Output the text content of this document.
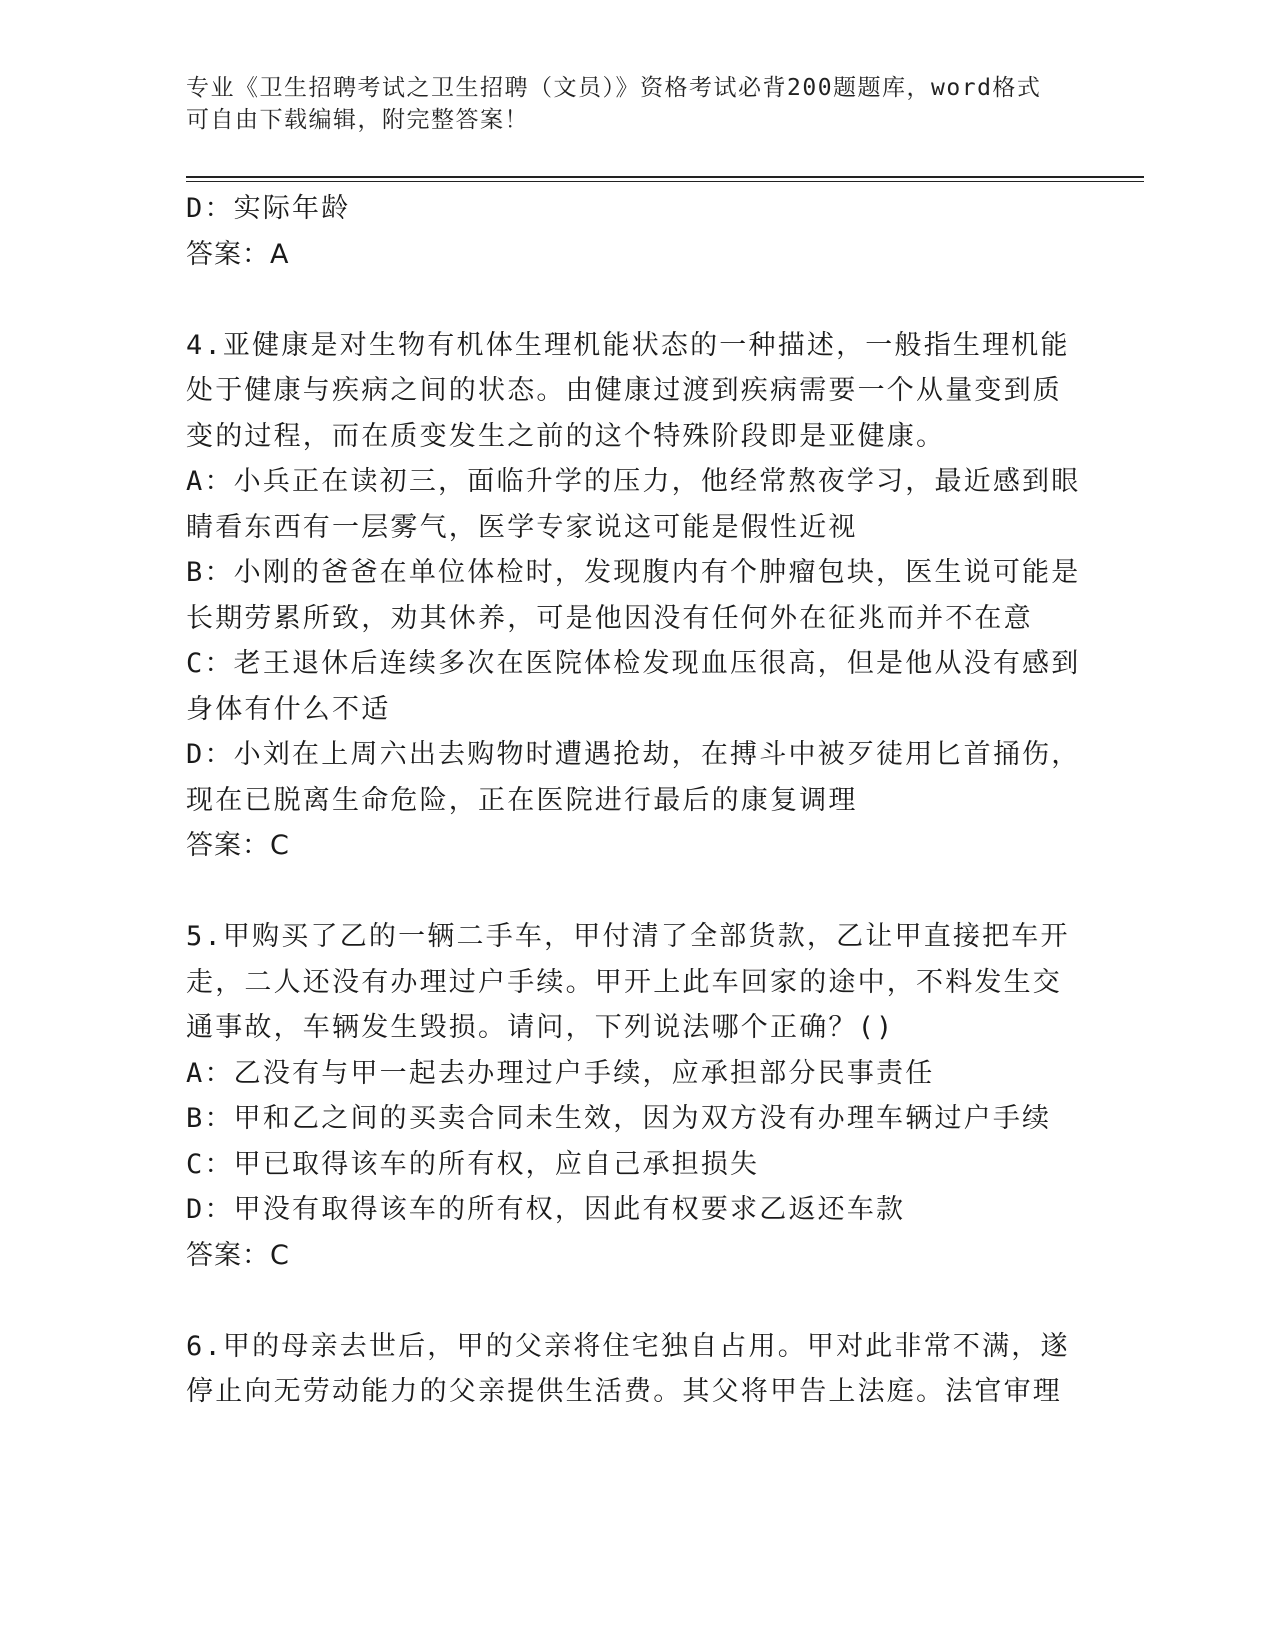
专业《卫生招聘考试之卫生招聘（文员）》资格考试必背200题题库，word格式
可自由下载编辑，附完整答案！
D：实际年龄
答案：A
4.亚健康是对生物有机体生理机能状态的一种描述，一般指生理机能
处于健康与疾病之间的状态。由健康过渡到疾病需要一个从量变到质
变的过程，而在质变发生之前的这个特殊阶段即是亚健康。
A：小兵正在读初三，面临升学的压力，他经常熬夜学习，最近感到眼
睛看东西有一层雾气，医学专家说这可能是假性近视
B：小刚的爸爸在单位体检时，发现腹内有个肿瘤包块，医生说可能是
长期劳累所致，劝其休养，可是他因没有任何外在征兆而并不在意
C：老王退休后连续多次在医院体检发现血压很高，但是他从没有感到
身体有什么不适
D：小刘在上周六出去购物时遭遇抢劫，在搏斗中被歹徒用匕首捅伤，
现在已脱离生命危险，正在医院进行最后的康复调理
答案：C
5.甲购买了乙的一辆二手车，甲付清了全部货款，乙让甲直接把车开
走，二人还没有办理过户手续。甲开上此车回家的途中，不料发生交
通事故，车辆发生毁损。请问，下列说法哪个正确？()
A：乙没有与甲一起去办理过户手续，应承担部分民事责任
B：甲和乙之间的买卖合同未生效，因为双方没有办理车辆过户手续
C：甲已取得该车的所有权，应自己承担损失
D：甲没有取得该车的所有权，因此有权要求乙返还车款
答案：C
6.甲的母亲去世后，甲的父亲将住宅独自占用。甲对此非常不满，遂
停止向无劳动能力的父亲提供生活费。其父将甲告上法庭。法官审理
